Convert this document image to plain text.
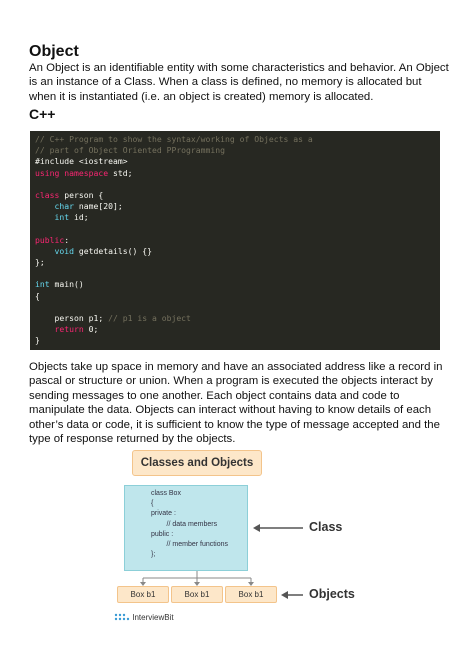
Object

An Object is an identifiable entity with some characteristics and behavior. An Object is an instance of a Class. When a class is defined, no memory is allocated but when it is instantiated (i.e. an object is created) memory is allocated.

C++
// C++ Program to show the syntax/working of Objects as a
// part of Object Oriented PProgramming
#include <iostream>
using namespace std;
class person {
char name[20];
int id;
public:
void getdetails() {}
};
int main()
{
person p1; // p1 is a object
return 0;
}

Objects take up space in memory and have an associated address like a record in pascal or structure or union. When a program is executed the objects interact by sending messages to one another. Each object contains data and code to manipulate the data. Objects can interact without having to know details of each other’s data or code, it is sufficient to know the type of message accepted and the type of response returned by the objects.

Classes and Objects
class Box
{
private :
// data members
public :
// member functions
};
Box b1	Box b1	Box b1
Class
Objects
InterviewBit
